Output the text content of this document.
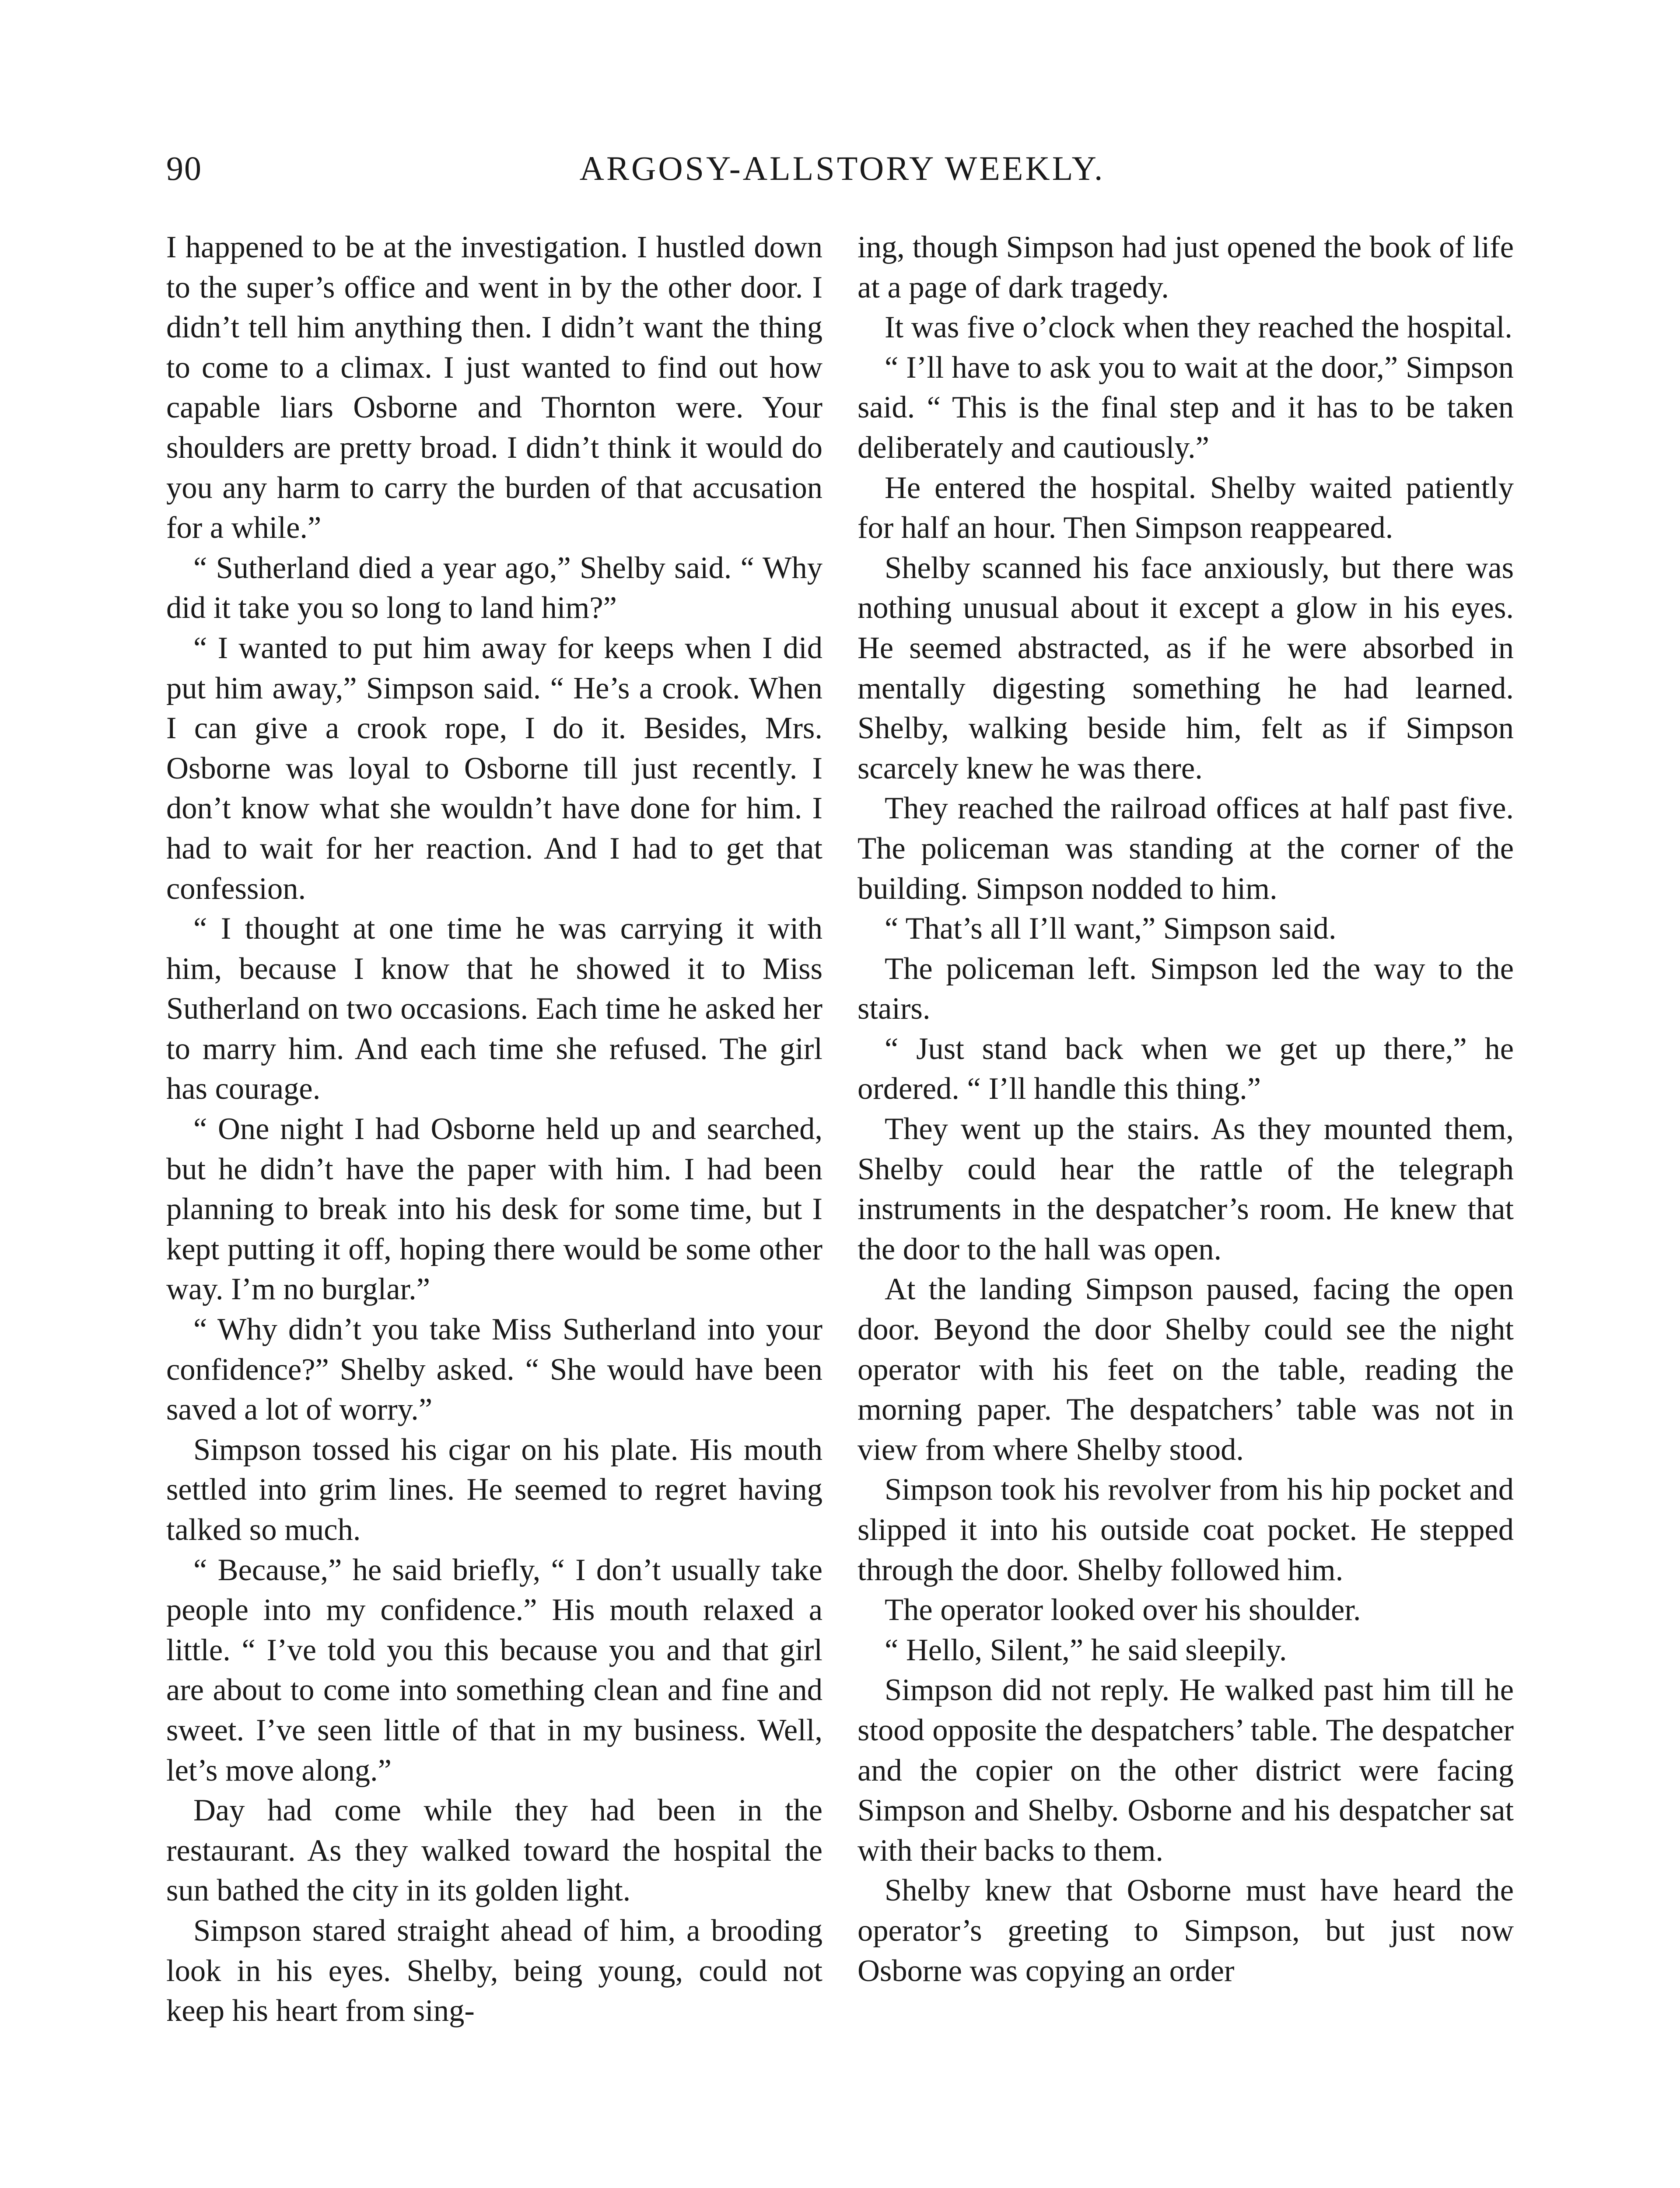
90	ARGOSY-ALLSTORY WEEKLY.

I happened to be at the investigation. I hustled down to the super’s office and went in by the other door. I didn’t tell him anything then. I didn’t want the thing to come to a climax. I just wanted to find out how capable liars Osborne and Thornton were. Your shoulders are pretty broad. I didn’t think it would do you any harm to carry the burden of that accusation for a while.”

“ Sutherland died a year ago,” Shelby said. “ Why did it take you so long to land him?”

“ I wanted to put him away for keeps when I did put him away,” Simpson said. “ He’s a crook. When I can give a crook rope, I do it. Besides, Mrs. Osborne was loyal to Osborne till just recently. I don’t know what she wouldn’t have done for him. I had to wait for her reaction. And I had to get that confession.

“ I thought at one time he was carrying it with him, because I know that he showed it to Miss Sutherland on two occasions. Each time he asked her to marry him. And each time she refused. The girl has courage.

“ One night I had Osborne held up and searched, but he didn’t have the paper with him. I had been planning to break into his desk for some time, but I kept putting it off, hoping there would be some other way. I’m no burglar.”

“ Why didn’t you take Miss Sutherland into your confidence?” Shelby asked. “ She would have been saved a lot of worry.”

Simpson tossed his cigar on his plate. His mouth settled into grim lines. He seemed to regret having talked so much.

“ Because,” he said briefly, “ I don’t usually take people into my confidence.” His mouth relaxed a little. “ I’ve told you this because you and that girl are about to come into something clean and fine and sweet. I’ve seen little of that in my business. Well, let’s move along.”

Day had come while they had been in the restaurant. As they walked toward the hospital the sun bathed the city in its golden light.

Simpson stared straight ahead of him, a brooding look in his eyes. Shelby, being young, could not keep his heart from sing-

ing, though Simpson had just opened the book of life at a page of dark tragedy.

It was five o’clock when they reached the hospital.

“ I’ll have to ask you to wait at the door,” Simpson said. “ This is the final step and it has to be taken deliberately and cautiously.”

He entered the hospital. Shelby waited patiently for half an hour. Then Simpson reappeared.

Shelby scanned his face anxiously, but there was nothing unusual about it except a glow in his eyes. He seemed abstracted, as if he were absorbed in mentally digesting something he had learned. Shelby, walking beside him, felt as if Simpson scarcely knew he was there.

They reached the railroad offices at half past five. The policeman was standing at the corner of the building. Simpson nodded to him.

“ That’s all I’ll want,” Simpson said.

The policeman left. Simpson led the way to the stairs.

“ Just stand back when we get up there,” he ordered. “ I’ll handle this thing.”

They went up the stairs. As they mounted them, Shelby could hear the rattle of the telegraph instruments in the despatcher’s room. He knew that the door to the hall was open.

At the landing Simpson paused, facing the open door. Beyond the door Shelby could see the night operator with his feet on the table, reading the morning paper. The despatchers’ table was not in view from where Shelby stood.

Simpson took his revolver from his hip pocket and slipped it into his outside coat pocket. He stepped through the door. Shelby followed him.

The operator looked over his shoulder.

“ Hello, Silent,” he said sleepily.

Simpson did not reply. He walked past him till he stood opposite the despatchers’ table. The despatcher and the copier on the other district were facing Simpson and Shelby. Osborne and his despatcher sat with their backs to them.

Shelby knew that Osborne must have heard the operator’s greeting to Simpson, but just now Osborne was copying an order
